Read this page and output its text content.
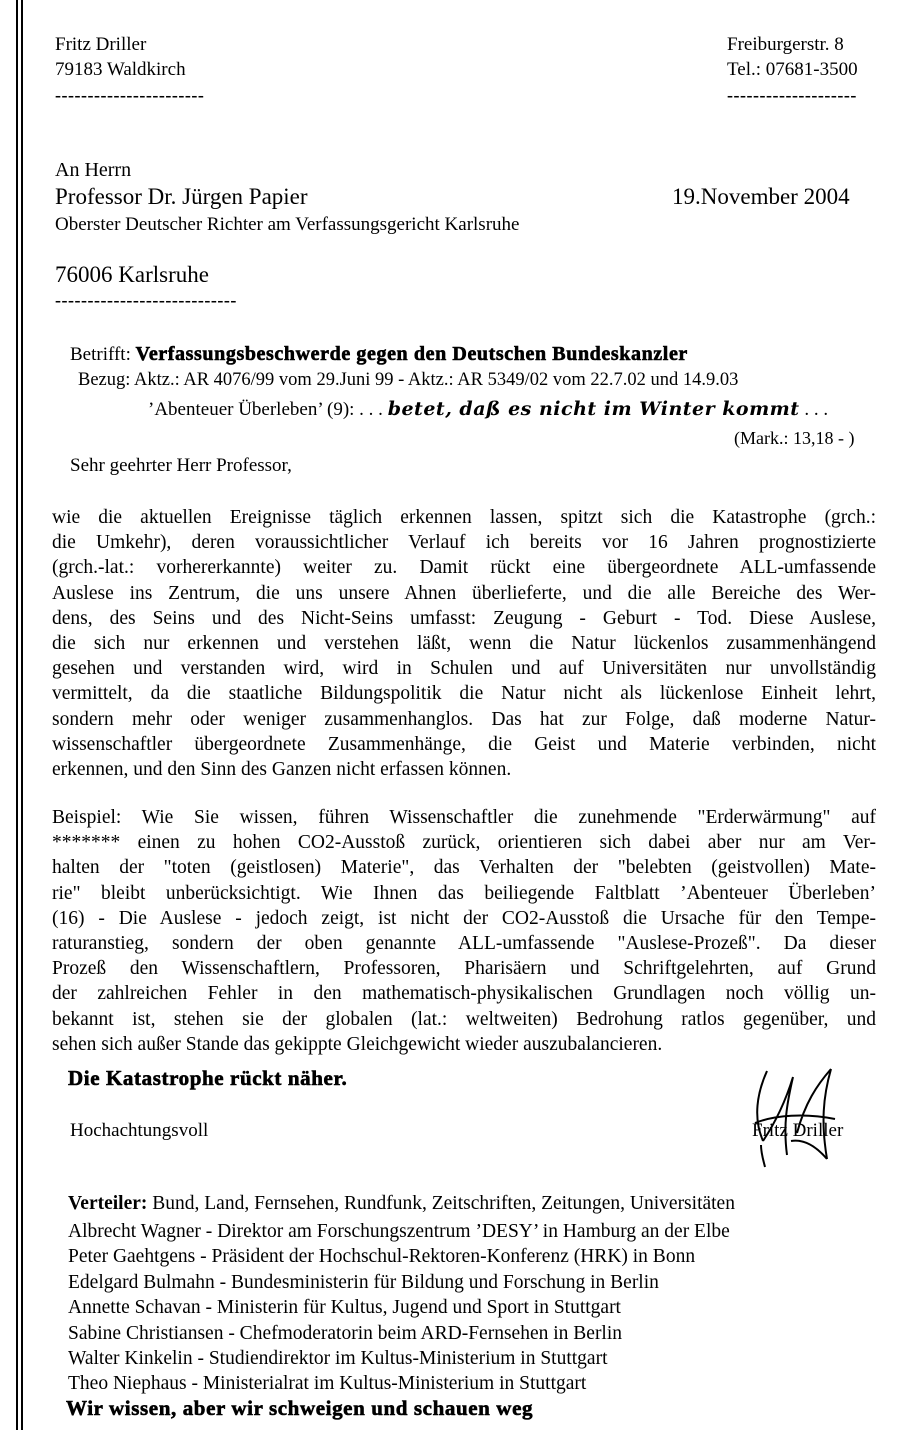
Fritz Driller
79183 Waldkirch
-----------------------
Freiburgerstr. 8
Tel.: 07681-3500
--------------------
An Herrn
Professor Dr. Jürgen Papier	19.November 2004
Oberster Deutscher Richter am Verfassungsgericht Karlsruhe
76006 Karlsruhe
----------------------------
Betrifft: Verfassungsbeschwerde gegen den Deutschen Bundeskanzler
Bezug: Aktz.: AR 4076/99 vom 29.Juni 99 - Aktz.: AR 5349/02 vom 22.7.02 und 14.9.03
’Abenteuer Überleben’ (9): . . . betet, daß es nicht im Winter kommt . . .
(Mark.: 13,18 - )
Sehr geehrter Herr Professor,
wie die aktuellen Ereignisse täglich erkennen lassen, spitzt sich die Katastrophe (grch.:
die Umkehr), deren voraussichtlicher Verlauf ich bereits vor 16 Jahren prognostizierte
(grch.-lat.: vorhererkannte) weiter zu. Damit rückt eine übergeordnete ALL-umfassende
Auslese ins Zentrum, die uns unsere Ahnen überlieferte, und die alle Bereiche des Wer-
dens, des Seins und des Nicht-Seins umfasst: Zeugung - Geburt - Tod. Diese Auslese,
die sich nur erkennen und verstehen läßt, wenn die Natur lückenlos zusammenhängend
gesehen und verstanden wird, wird in Schulen und auf Universitäten nur unvollständig
vermittelt, da die staatliche Bildungspolitik die Natur nicht als lückenlose Einheit lehrt,
sondern mehr oder weniger zusammenhanglos. Das hat zur Folge, daß moderne Natur-
wissenschaftler übergeordnete Zusammenhänge, die Geist und Materie verbinden, nicht
erkennen, und den Sinn des Ganzen nicht erfassen können.
Beispiel: Wie Sie wissen, führen Wissenschaftler die zunehmende "Erderwärmung" auf
******* einen zu hohen CO2-Ausstoß zurück, orientieren sich dabei aber nur am Ver-
halten der "toten (geistlosen) Materie", das Verhalten der "belebten (geistvollen) Mate-
rie" bleibt unberücksichtigt. Wie Ihnen das beiliegende Faltblatt ’Abenteuer Überleben’
(16) - Die Auslese - jedoch zeigt, ist nicht der CO2-Ausstoß die Ursache für den Tempe-
raturanstieg, sondern der oben genannte ALL-umfassende "Auslese-Prozeß". Da dieser
Prozeß den Wissenschaftlern, Professoren, Pharisäern und Schriftgelehrten, auf Grund
der zahlreichen Fehler in den mathematisch-physikalischen Grundlagen noch völlig un-
bekannt ist, stehen sie der globalen (lat.: weltweiten) Bedrohung ratlos gegenüber, und
sehen sich außer Stande das gekippte Gleichgewicht wieder auszubalancieren.
Die Katastrophe rückt näher.
Hochachtungsvoll	Fritz Driller
Verteiler: Bund, Land, Fernsehen, Rundfunk, Zeitschriften, Zeitungen, Universitäten
Albrecht Wagner - Direktor am Forschungszentrum ’DESY’ in Hamburg an der Elbe
Peter Gaehtgens - Präsident der Hochschul-Rektoren-Konferenz (HRK) in Bonn
Edelgard Bulmahn - Bundesministerin für Bildung und Forschung in Berlin
Annette Schavan - Ministerin für Kultus, Jugend und Sport in Stuttgart
Sabine Christiansen - Chefmoderatorin beim ARD-Fernsehen in Berlin
Walter Kinkelin - Studiendirektor im Kultus-Ministerium in Stuttgart
Theo Niephaus - Ministerialrat im Kultus-Ministerium in Stuttgart
Wir wissen, aber wir schweigen und schauen weg
